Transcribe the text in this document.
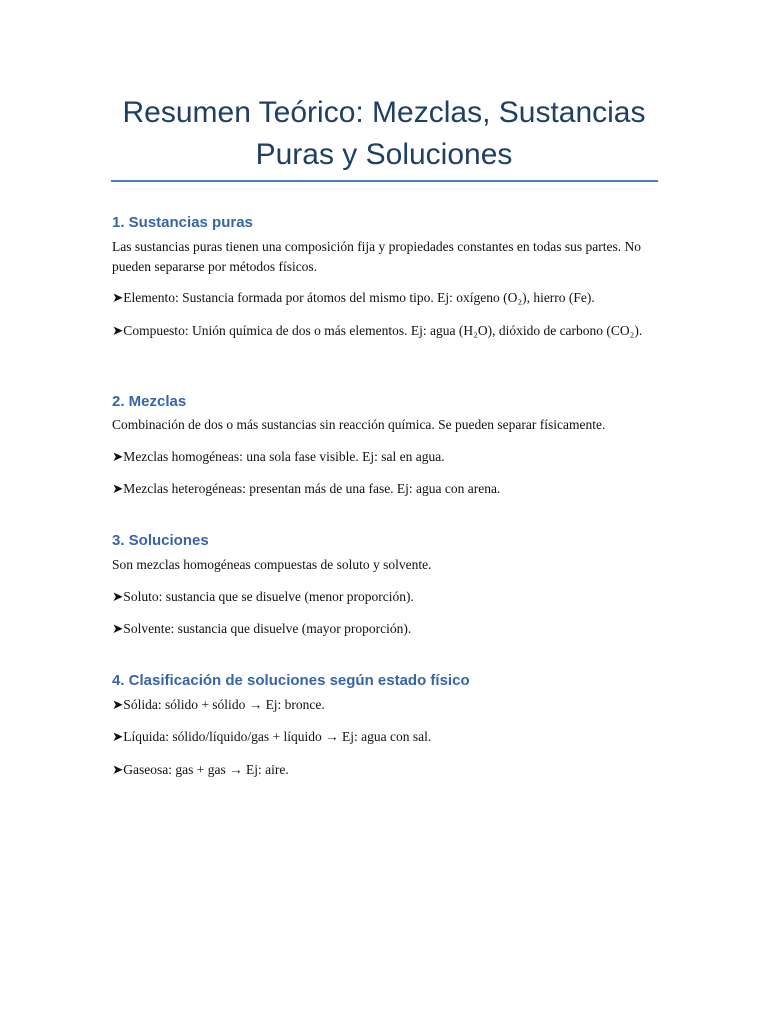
Resumen Teórico: Mezclas, Sustancias Puras y Soluciones
1. Sustancias puras
Las sustancias puras tienen una composición fija y propiedades constantes en todas sus partes. No pueden separarse por métodos físicos.
➤Elemento: Sustancia formada por átomos del mismo tipo. Ej: oxígeno (O₂), hierro (Fe).
➤Compuesto: Unión química de dos o más elementos. Ej: agua (H₂O), dióxido de carbono (CO₂).
2. Mezclas
Combinación de dos o más sustancias sin reacción química. Se pueden separar físicamente.
➤Mezclas homogéneas: una sola fase visible. Ej: sal en agua.
➤Mezclas heterogéneas: presentan más de una fase. Ej: agua con arena.
3. Soluciones
Son mezclas homogéneas compuestas de soluto y solvente.
➤Soluto: sustancia que se disuelve (menor proporción).
➤Solvente: sustancia que disuelve (mayor proporción).
4. Clasificación de soluciones según estado físico
➤Sólida: sólido + sólido → Ej: bronce.
➤Líquida: sólido/líquido/gas + líquido → Ej: agua con sal.
➤Gaseosa: gas + gas → Ej: aire.
